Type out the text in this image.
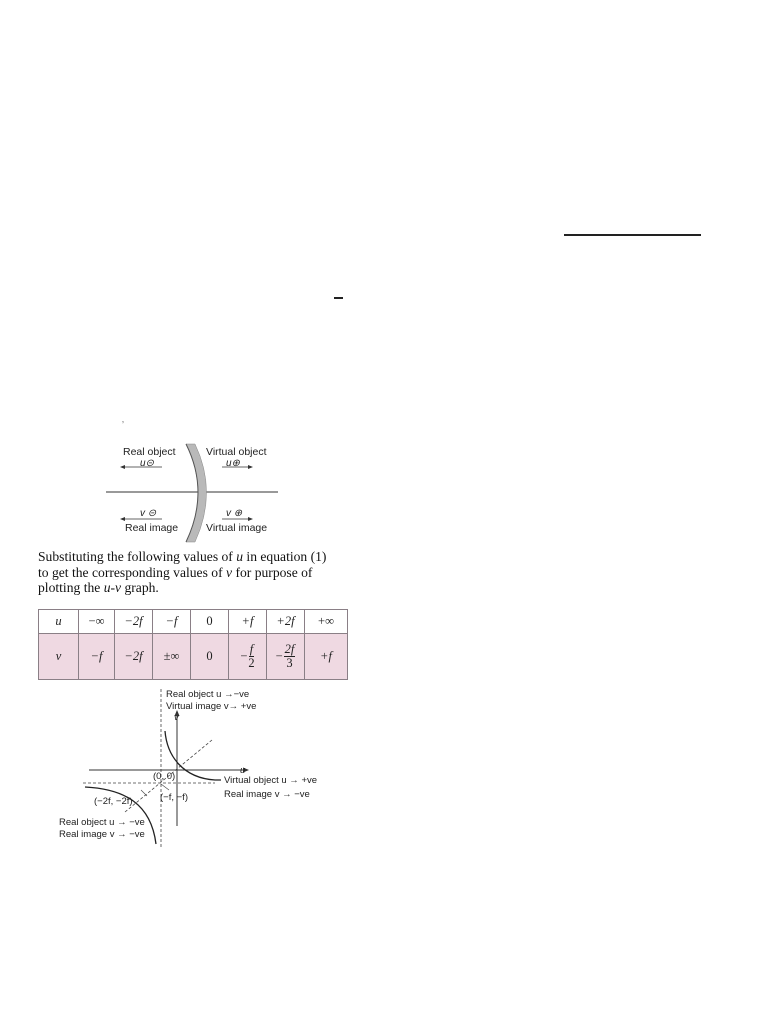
ʼ
Real object	Virtual object
u⊝	u⊕
v ⊝	v ⊕
Real image	Virtual image
Substituting the following values of u in equation (1)
to get the corresponding values of v for purpose of
plotting the u-v graph.
u	−∞	−2f	−f	0	+f	+2f	+∞
v	−f	−2f	±∞	0	− $\frac{f}{2}$	− $\frac{2f}{3}$	+f
Real object u →−ve
Virtual image v→ +ve
v
u
(0, 0)
(−f, −f)
(−2f, −2f)
Virtual object u → +ve
Real image v → −ve
Real object u → −ve
Real image v → −ve
